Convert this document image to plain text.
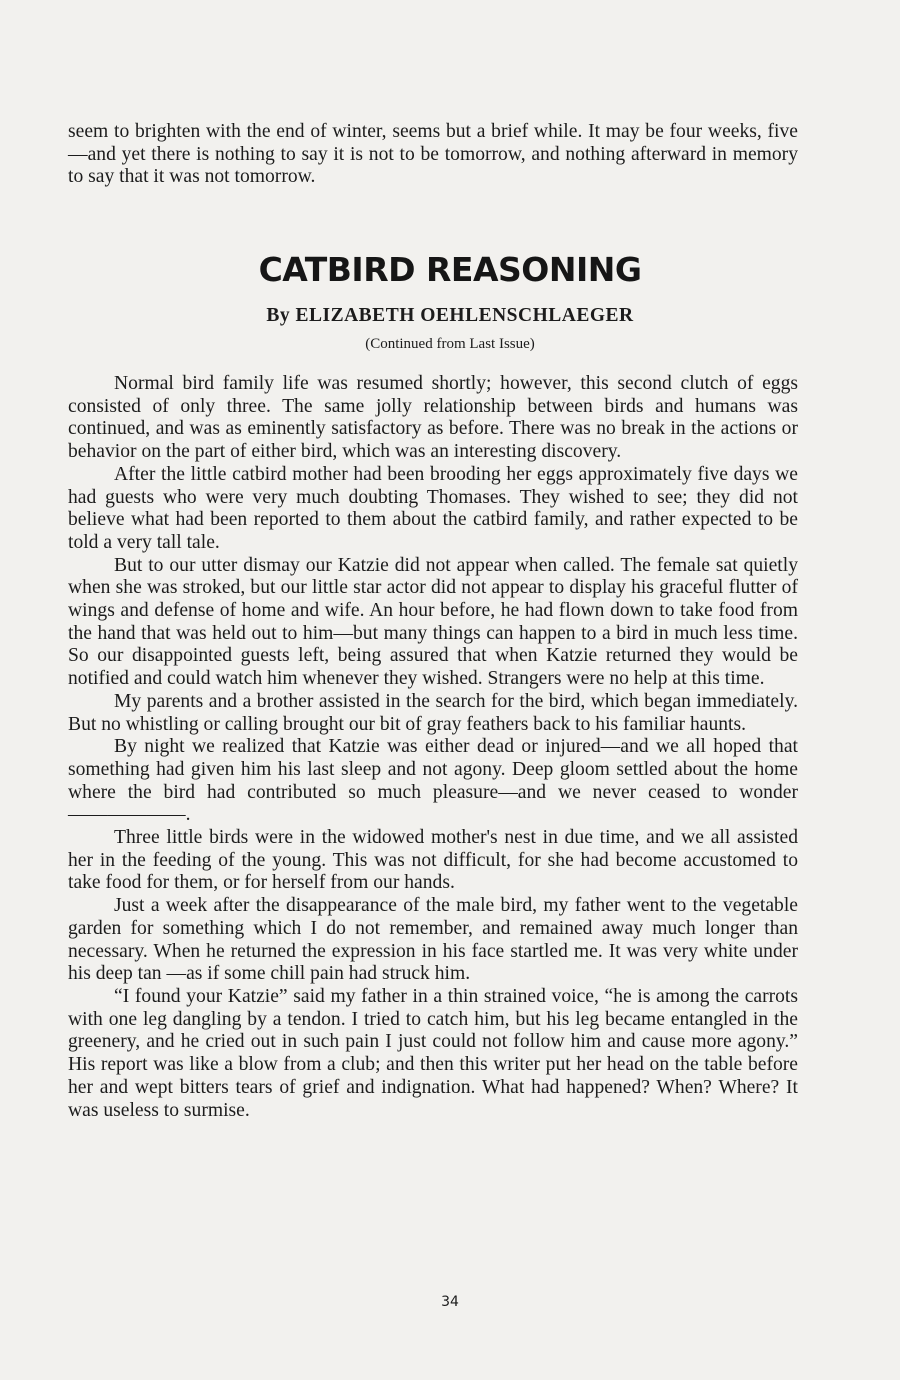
seem to brighten with the end of winter, seems but a brief while. It may be four weeks, five—and yet there is nothing to say it is not to be tomorrow, and nothing afterward in memory to say that it was not tomorrow.

CATBIRD REASONING

By ELIZABETH OEHLENSCHLAEGER

(Continued from Last Issue)

Normal bird family life was resumed shortly; however, this second clutch of eggs consisted of only three. The same jolly relationship between birds and humans was continued, and was as eminently satisfactory as before. There was no break in the actions or behavior on the part of either bird, which was an interesting discovery.

After the little catbird mother had been brooding her eggs approximately five days we had guests who were very much doubting Thomases. They wished to see; they did not believe what had been reported to them about the catbird family, and rather expected to be told a very tall tale.

But to our utter dismay our Katzie did not appear when called. The female sat quietly when she was stroked, but our little star actor did not appear to display his graceful flutter of wings and defense of home and wife. An hour before, he had flown down to take food from the hand that was held out to him—but many things can happen to a bird in much less time. So our disappointed guests left, being assured that when Katzie returned they would be notified and could watch him whenever they wished. Strangers were no help at this time.

My parents and a brother assisted in the search for the bird, which began immediately. But no whistling or calling brought our bit of gray feathers back to his familiar haunts.

By night we realized that Katzie was either dead or injured—and we all hoped that something had given him his last sleep and not agony. Deep gloom settled about the home where the bird had contributed so much pleasure—and we never ceased to wonder——————.

Three little birds were in the widowed mother's nest in due time, and we all assisted her in the feeding of the young. This was not difficult, for she had become accustomed to take food for them, or for herself from our hands.

Just a week after the disappearance of the male bird, my father went to the vegetable garden for something which I do not remember, and remained away much longer than necessary. When he returned the expression in his face startled me. It was very white under his deep tan —as if some chill pain had struck him.

“I found your Katzie” said my father in a thin strained voice, “he is among the carrots with one leg dangling by a tendon. I tried to catch him, but his leg became entangled in the greenery, and he cried out in such pain I just could not follow him and cause more agony.” His report was like a blow from a club; and then this writer put her head on the table before her and wept bitters tears of grief and indignation. What had happened? When? Where? It was useless to surmise.

34
